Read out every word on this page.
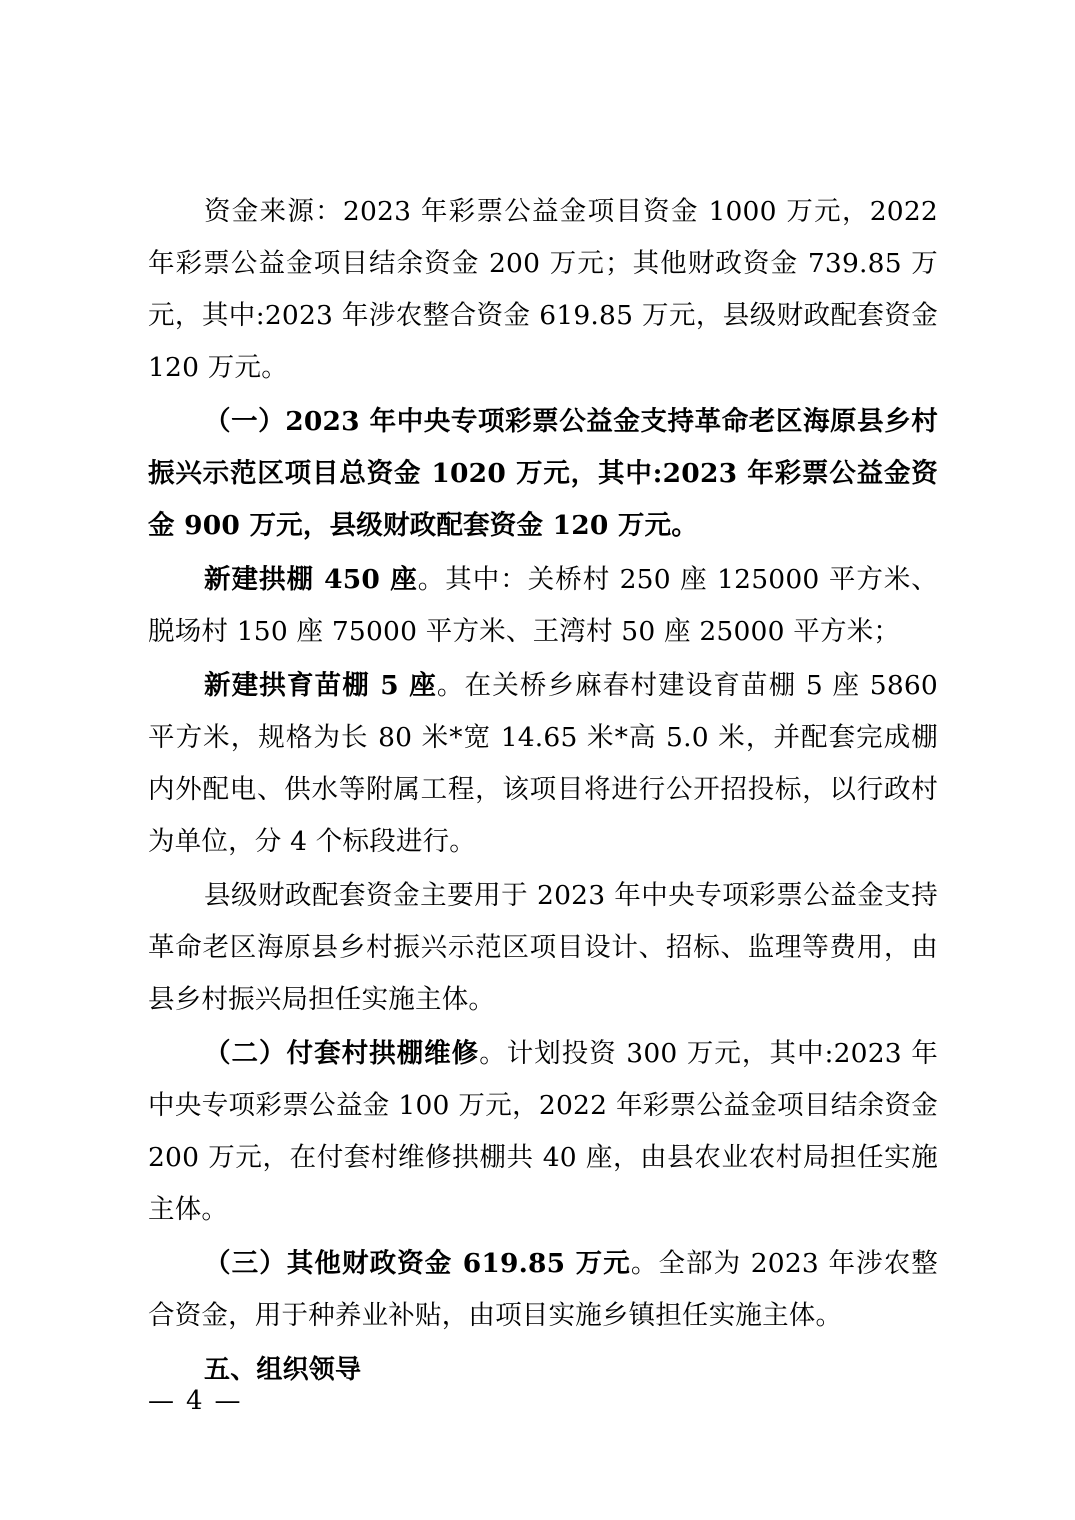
资金来源：2023 年彩票公益金项目资金 1000 万元，2022 年彩票公益金项目结余资金 200 万元；其他财政资金 739.85 万元，其中:2023 年涉农整合资金 619.85 万元，县级财政配套资金 120 万元。

（一）2023 年中央专项彩票公益金支持革命老区海原县乡村振兴示范区项目总资金 1020 万元，其中:2023 年彩票公益金资金 900 万元，县级财政配套资金 120 万元。

新建拱棚 450 座。其中：关桥村 250 座 125000 平方米、脱场村 150 座 75000 平方米、王湾村 50 座 25000 平方米；

新建拱育苗棚 5 座。在关桥乡麻春村建设育苗棚 5 座 5860 平方米，规格为长 80 米*宽 14.65 米*高 5.0 米，并配套完成棚内外配电、供水等附属工程，该项目将进行公开招投标，以行政村为单位，分 4 个标段进行。

县级财政配套资金主要用于 2023 年中央专项彩票公益金支持革命老区海原县乡村振兴示范区项目设计、招标、监理等费用，由县乡村振兴局担任实施主体。

（二）付套村拱棚维修。计划投资 300 万元，其中:2023 年中央专项彩票公益金 100 万元，2022 年彩票公益金项目结余资金 200 万元，在付套村维修拱棚共 40 座，由县农业农村局担任实施主体。

（三）其他财政资金 619.85 万元。全部为 2023 年涉农整合资金，用于种养业补贴，由项目实施乡镇担任实施主体。

五、组织领导

— 4 —
